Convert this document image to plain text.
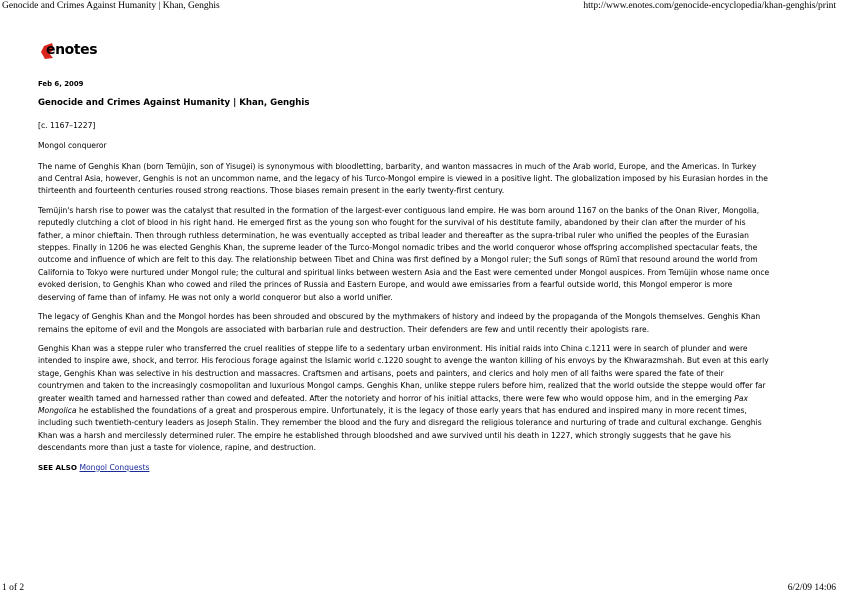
Genocide and Crimes Against Humanity | Khan, Genghis	http://www.enotes.com/genocide-encyclopedia/khan-genghis/print
enotes
Feb 6, 2009
Genocide and Crimes Against Humanity | Khan, Genghis
[c. 1167–1227]
Mongol conqueror
The name of Genghis Khan (born Temüjin, son of Yisugei) is synonymous with bloodletting, barbarity, and wanton massacres in much of the Arab world, Europe, and the Americas. In Turkey and Central Asia, however, Genghis is not an uncommon name, and the legacy of his Turco-Mongol empire is viewed in a positive light. The globalization imposed by his Eurasian hordes in the thirteenth and fourteenth centuries roused strong reactions. Those biases remain present in the early twenty-first century.
Temüjin's harsh rise to power was the catalyst that resulted in the formation of the largest-ever contiguous land empire. He was born around 1167 on the banks of the Onan River, Mongolia, reputedly clutching a clot of blood in his right hand. He emerged first as the young son who fought for the survival of his destitute family, abandoned by their clan after the murder of his father, a minor chieftain. Then through ruthless determination, he was eventually accepted as tribal leader and thereafter as the supra-tribal ruler who unified the peoples of the Eurasian steppes. Finally in 1206 he was elected Genghis Khan, the supreme leader of the Turco-Mongol nomadic tribes and the world conqueror whose offspring accomplished spectacular feats, the outcome and influence of which are felt to this day. The relationship between Tibet and China was first defined by a Mongol ruler; the Sufi songs of Rūmī that resound around the world from California to Tokyo were nurtured under Mongol rule; the cultural and spiritual links between western Asia and the East were cemented under Mongol auspices. From Temüjin whose name once evoked derision, to Genghis Khan who cowed and riled the princes of Russia and Eastern Europe, and would awe emissaries from a fearful outside world, this Mongol emperor is more deserving of fame than of infamy. He was not only a world conqueror but also a world unifier.
The legacy of Genghis Khan and the Mongol hordes has been shrouded and obscured by the mythmakers of history and indeed by the propaganda of the Mongols themselves. Genghis Khan remains the epitome of evil and the Mongols are associated with barbarian rule and destruction. Their defenders are few and until recently their apologists rare.
Genghis Khan was a steppe ruler who transferred the cruel realities of steppe life to a sedentary urban environment. His initial raids into China c.1211 were in search of plunder and were intended to inspire awe, shock, and terror. His ferocious forage against the Islamic world c.1220 sought to avenge the wanton killing of his envoys by the Khwarazmshah. But even at this early stage, Genghis Khan was selective in his destruction and massacres. Craftsmen and artisans, poets and painters, and clerics and holy men of all faiths were spared the fate of their countrymen and taken to the increasingly cosmopolitan and luxurious Mongol camps. Genghis Khan, unlike steppe rulers before him, realized that the world outside the steppe would offer far greater wealth tamed and harnessed rather than cowed and defeated. After the notoriety and horror of his initial attacks, there were few who would oppose him, and in the emerging Pax Mongolica he established the foundations of a great and prosperous empire. Unfortunately, it is the legacy of those early years that has endured and inspired many in more recent times, including such twentieth-century leaders as Joseph Stalin. They remember the blood and the fury and disregard the religious tolerance and nurturing of trade and cultural exchange. Genghis Khan was a harsh and mercilessly determined ruler. The empire he established through bloodshed and awe survived until his death in 1227, which strongly suggests that he gave his descendants more than just a taste for violence, rapine, and destruction.
SEE ALSO Mongol Conquests
1 of 2	6/2/09 14:06
